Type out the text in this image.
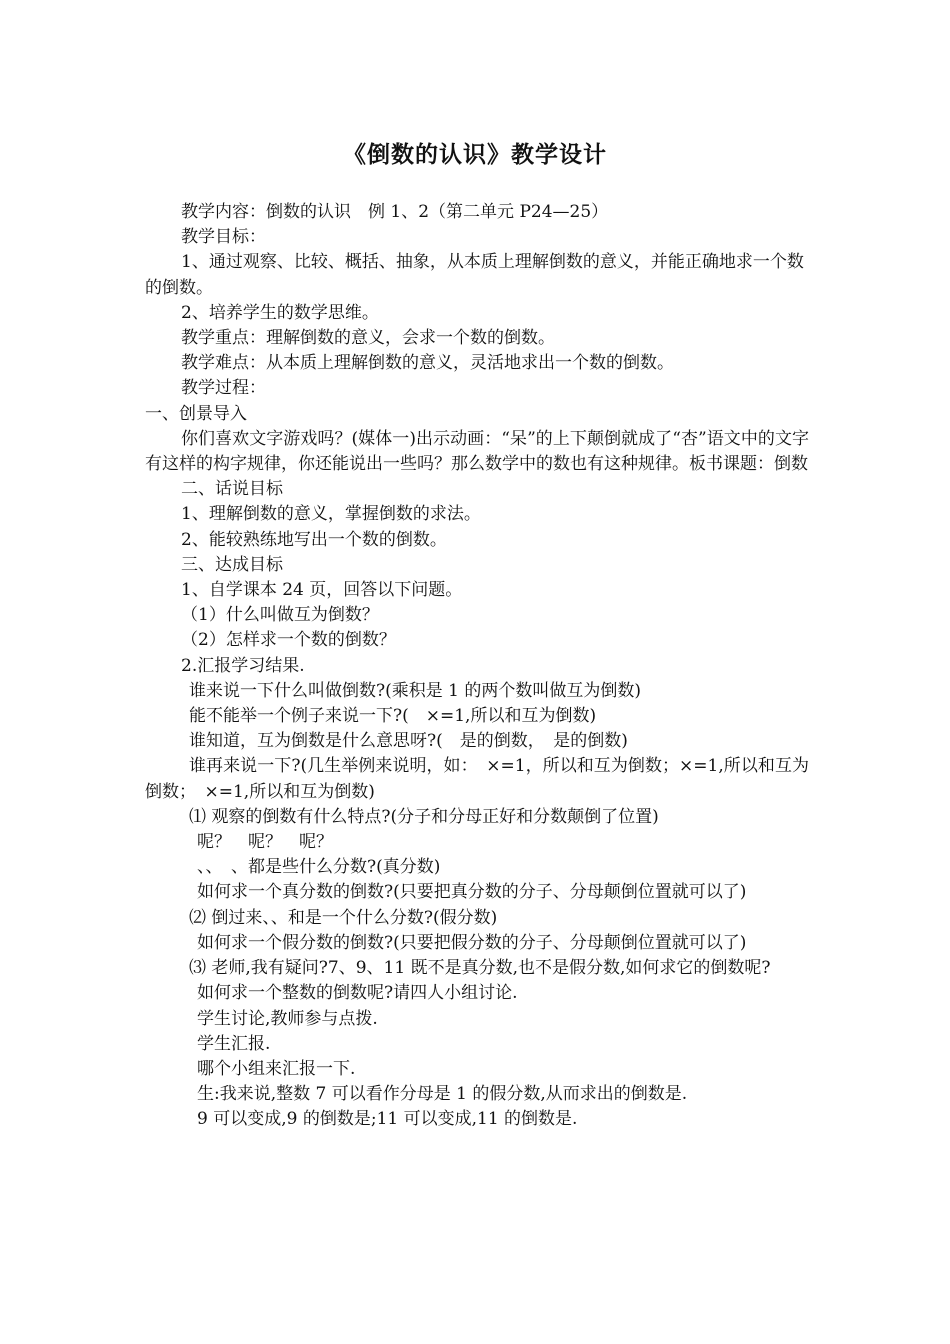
《倒数的认识》教学设计

教学内容：倒数的认识　例 1、2（第二单元 P24—25）

教学目标：

1、通过观察、比较、概括、抽象，从本质上理解倒数的意义，并能正确地求一个数的倒数。

2、培养学生的数学思维。

教学重点：理解倒数的意义，会求一个数的倒数。

教学难点：从本质上理解倒数的意义，灵活地求出一个数的倒数。

教学过程：

一、创景导入

你们喜欢文字游戏吗？(媒体一)出示动画：“呆”的上下颠倒就成了“杏”语文中的文字有这样的构字规律，你还能说出一些吗？那么数学中的数也有这种规律。板书课题：倒数

二、话说目标

1、理解倒数的意义，掌握倒数的求法。

2、能较熟练地写出一个数的倒数。

三、达成目标

1、自学课本 24 页，回答以下问题。

（1）什么叫做互为倒数？

（2）怎样求一个数的倒数？

2.汇报学习结果.

谁来说一下什么叫做倒数?(乘积是 1 的两个数叫做互为倒数)

能不能举一个例子来说一下?(　×=1,所以和互为倒数)

谁知道，互为倒数是什么意思呀?(　是的倒数，　是的倒数)

谁再来说一下?(几生举例来说明，如：　×=1，所以和互为倒数；×=1,所以和互为倒数；　×=1,所以和互为倒数)

⑴ 观察的倒数有什么特点?(分子和分母正好和分数颠倒了位置)

呢？　呢？　呢？

、、　、都是些什么分数?(真分数)

如何求一个真分数的倒数?(只要把真分数的分子、分母颠倒位置就可以了)

⑵ 倒过来、、和是一个什么分数?(假分数)

如何求一个假分数的倒数?(只要把假分数的分子、分母颠倒位置就可以了)

⑶ 老师,我有疑问?7、9、11 既不是真分数,也不是假分数,如何求它的倒数呢?

如何求一个整数的倒数呢?请四人小组讨论.

学生讨论,教师参与点拨.

学生汇报.

哪个小组来汇报一下.

生:我来说,整数 7 可以看作分母是 1 的假分数,从而求出的倒数是.

9 可以变成,9 的倒数是;11 可以变成,11 的倒数是.
